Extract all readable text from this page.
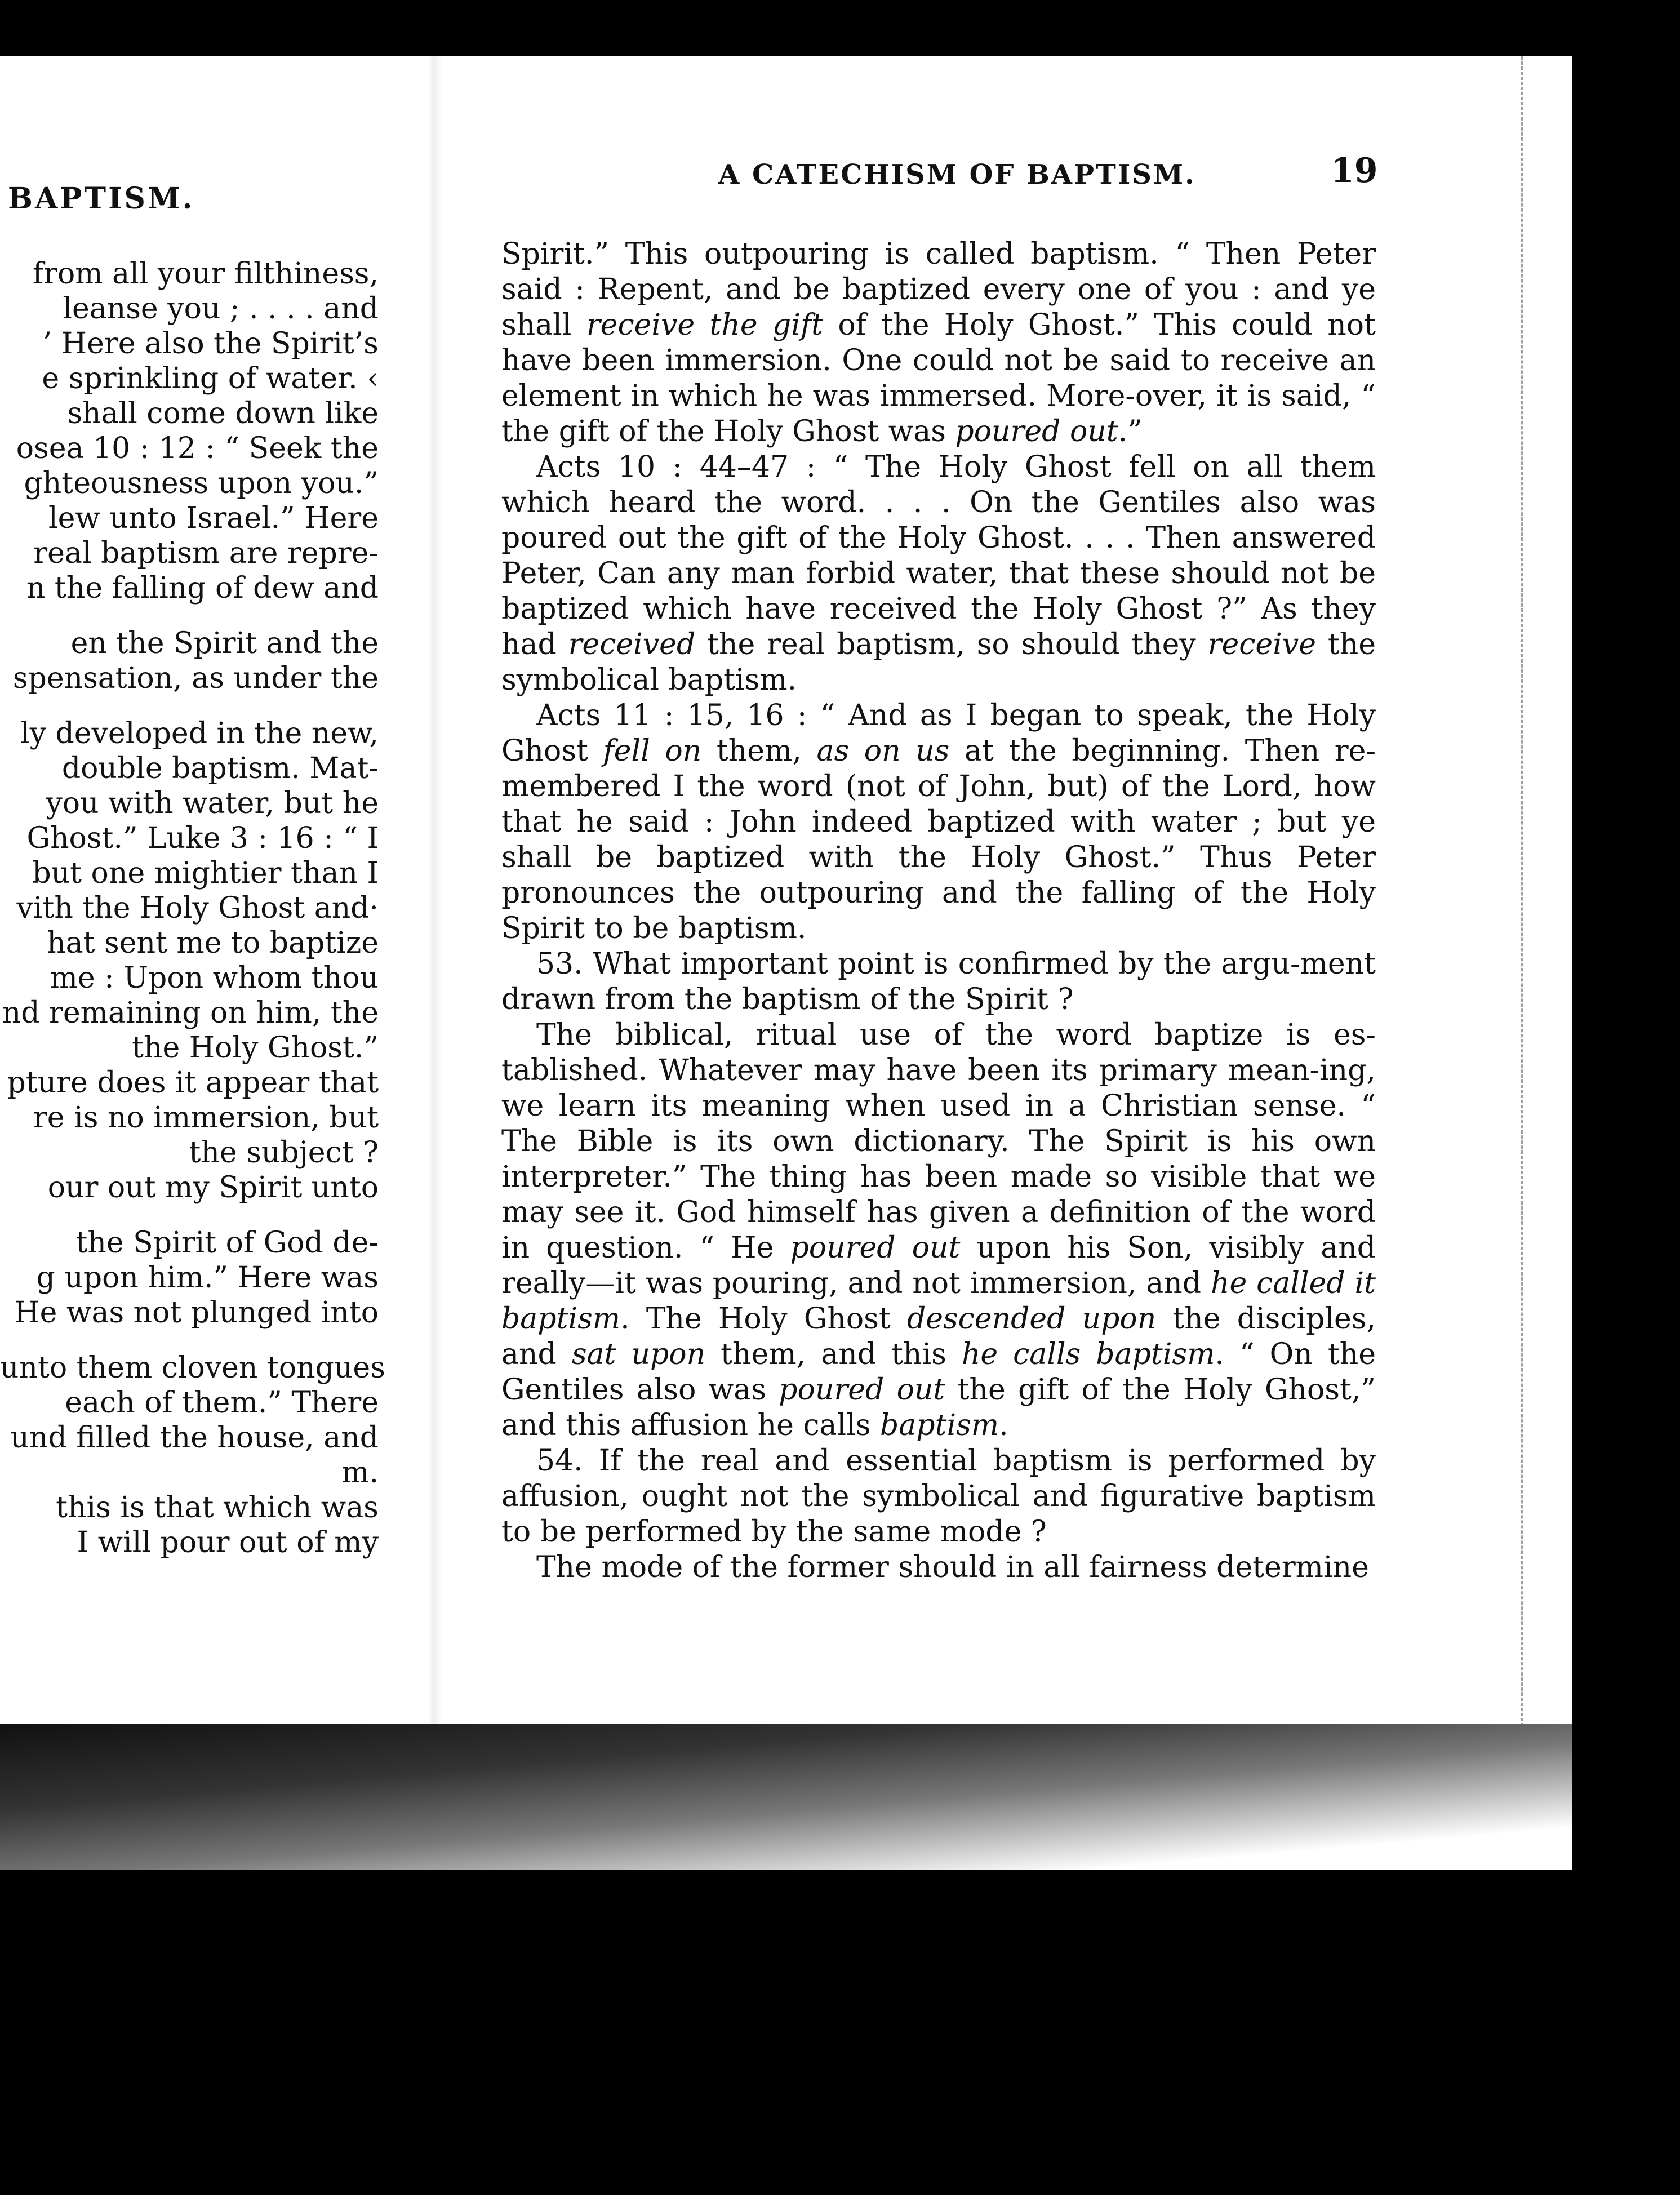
BAPTISM.
from all your filthiness,
leanse you ; . . . . and
’ Here also the Spirit’s
e sprinkling of water. ‹
shall come down like
osea 10 : 12 : “ Seek the
ghteousness upon you.”
lew unto Israel.” Here
real baptism are repre-
n the falling of dew and
en the Spirit and the
spensation, as under the
ly developed in the new,
double baptism. Mat-
you with water, but he
Ghost.” Luke 3 : 16 : “ I
but one mightier than I
vith the Holy Ghost and·
hat sent me to baptize
me : Upon whom thou
nd remaining on him, the
the Holy Ghost.”
pture does it appear that
re is no immersion, but
the subject ?
our out my Spirit unto
the Spirit of God de-
g upon him.” Here was
He was not plunged into
unto them cloven tongues
each of them.” There
und filled the house, and
m.
this is that which was
I will pour out of my
A CATECHISM OF BAPTISM.	19

Spirit.” This outpouring is called baptism. “ Then Peter said : Repent, and be baptized every one of you : and ye shall receive the gift of the Holy Ghost.” This could not have been immersion. One could not be said to receive an element in which he was immersed. More-over, it is said, “ the gift of the Holy Ghost was poured out.”

Acts 10 : 44–47 : “ The Holy Ghost fell on all them which heard the word. . . . On the Gentiles also was poured out the gift of the Holy Ghost. . . . Then answered Peter, Can any man forbid water, that these should not be baptized which have received the Holy Ghost ?” As they had received the real baptism, so should they receive the symbolical baptism.

Acts 11 : 15, 16 : “ And as I began to speak, the Holy Ghost fell on them, as on us at the beginning. Then re-membered I the word (not of John, but) of the Lord, how that he said : John indeed baptized with water ; but ye shall be baptized with the Holy Ghost.” Thus Peter pronounces the outpouring and the falling of the Holy Spirit to be baptism.

53. What important point is confirmed by the argu-ment drawn from the baptism of the Spirit ?

The biblical, ritual use of the word baptize is es-tablished. Whatever may have been its primary mean-ing, we learn its meaning when used in a Christian sense. “ The Bible is its own dictionary. The Spirit is his own interpreter.” The thing has been made so visible that we may see it. God himself has given a definition of the word in question. “ He poured out upon his Son, visibly and really—it was pouring, and not immersion, and he called it baptism. The Holy Ghost descended upon the disciples, and sat upon them, and this he calls baptism. “ On the Gentiles also was poured out the gift of the Holy Ghost,” and this affusion he calls baptism.

54. If the real and essential baptism is performed by affusion, ought not the symbolical and figurative baptism to be performed by the same mode ?

The mode of the former should in all fairness determine
